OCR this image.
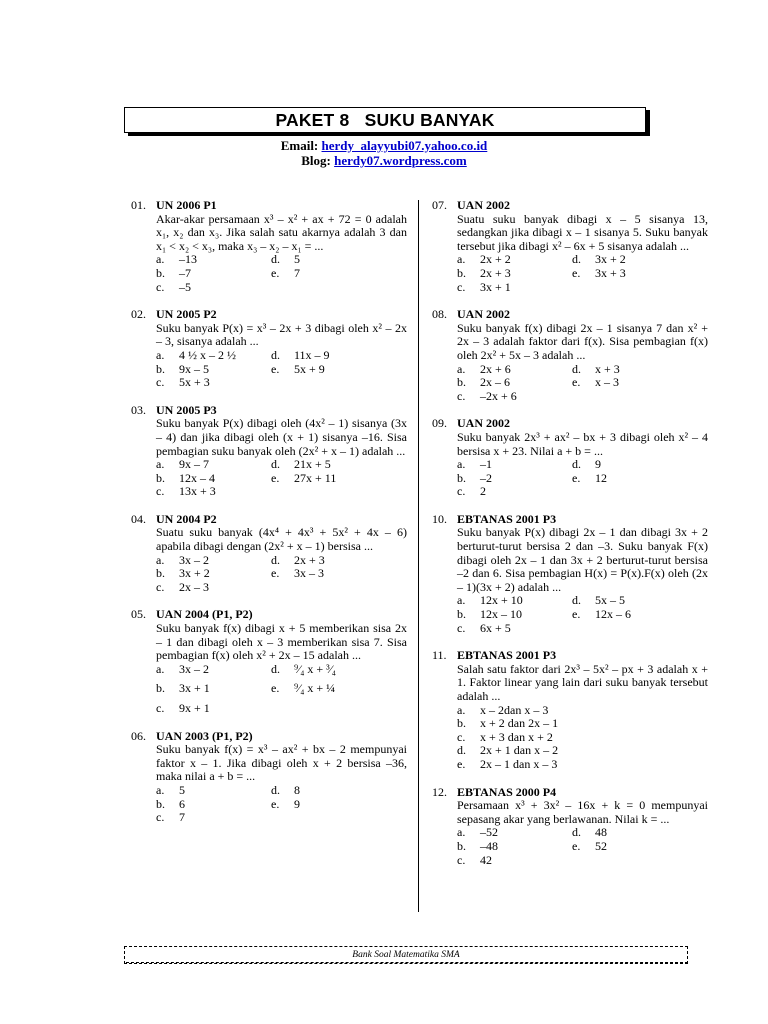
PAKET 8   SUKU BANYAK
Email: herdy_alayyubi07.yahoo.co.id
Blog: herdy07.wordpress.com
01. UN 2006 P1
Akar-akar persamaan x³ – x² + ax + 72 = 0 adalah x₁, x₂ dan x₃. Jika salah satu akarnya adalah 3 dan x₁ < x₂ < x₃, maka x₃ – x₂ – x₁ = ...
a. –13	d. 5
b. –7	e. 7
c. –5
02. UN 2005 P2
Suku banyak P(x) = x³ – 2x + 3 dibagi oleh x² – 2x – 3, sisanya adalah ...
a. 4 ½ x – 2 ½	d. 11x – 9
b. 9x – 5	e. 5x + 9
c. 5x + 3
03. UN 2005 P3
Suku banyak P(x) dibagi oleh (4x² – 1) sisanya (3x – 4) dan jika dibagi oleh (x + 1) sisanya –16. Sisa pembagian suku banyak oleh (2x² + x – 1) adalah ...
a. 9x – 7	d. 21x + 5
b. 12x – 4	e. 27x + 11
c. 13x + 3
04. UN 2004 P2
Suatu suku banyak (4x⁴ + 4x³ + 5x² + 4x – 6) apabila dibagi dengan (2x² + x – 1) bersisa ...
a. 3x – 2	d. 2x + 3
b. 3x + 2	e. 3x – 3
c. 2x – 3
05. UAN 2004 (P1, P2)
Suku banyak f(x) dibagi x + 5 memberikan sisa 2x – 1 dan dibagi oleh x – 3 memberikan sisa 7. Sisa pembagian f(x) oleh x² + 2x – 15 adalah ...
a. 3x – 2	d. ⁹⁄₄ x + ³⁄₄
b. 3x + 1	e. ⁹⁄₄ x + ¼
c. 9x + 1
06. UAN 2003 (P1, P2)
Suku banyak f(x) = x³ – ax² + bx – 2 mempunyai faktor x – 1. Jika dibagi oleh x + 2 bersisa –36, maka nilai a + b = ...
a. 5	d. 8
b. 6	e. 9
c. 7
07. UAN 2002
Suatu suku banyak dibagi x – 5 sisanya 13, sedangkan jika dibagi x – 1 sisanya 5. Suku banyak tersebut jika dibagi x² – 6x + 5 sisanya adalah ...
a. 2x + 2	d. 3x + 2
b. 2x + 3	e. 3x + 3
c. 3x + 1
08. UAN 2002
Suku banyak f(x) dibagi 2x – 1 sisanya 7 dan x² + 2x – 3 adalah faktor dari f(x). Sisa pembagian f(x) oleh 2x² + 5x – 3 adalah ...
a. 2x + 6	d. x + 3
b. 2x – 6	e. x – 3
c. –2x + 6
09. UAN 2002
Suku banyak 2x³ + ax² – bx + 3 dibagi oleh x² – 4 bersisa x + 23. Nilai a + b = ...
a. –1	d. 9
b. –2	e. 12
c. 2
10. EBTANAS 2001 P3
Suku banyak P(x) dibagi 2x – 1 dan dibagi 3x + 2 berturut-turut bersisa 2 dan –3. Suku banyak F(x) dibagi oleh 2x – 1 dan 3x + 2 berturut-turut bersisa –2 dan 6. Sisa pembagian H(x) = P(x).F(x) oleh (2x – 1)(3x + 2) adalah ...
a. 12x + 10	d. 5x – 5
b. 12x – 10	e. 12x – 6
c. 6x + 5
11. EBTANAS 2001 P3
Salah satu faktor dari 2x³ – 5x² – px + 3 adalah x + 1. Faktor linear yang lain dari suku banyak tersebut adalah ...
a. x – 2dan x – 3
b. x + 2 dan 2x – 1
c. x + 3 dan x + 2
d. 2x + 1 dan x – 2
e. 2x – 1 dan x – 3
12. EBTANAS 2000 P4
Persamaan x³ + 3x² – 16x + k = 0 mempunyai sepasang akar yang berlawanan. Nilai k = ...
a. –52	d. 48
b. –48	e. 52
c. 42
Bank Soal Matematika SMA
